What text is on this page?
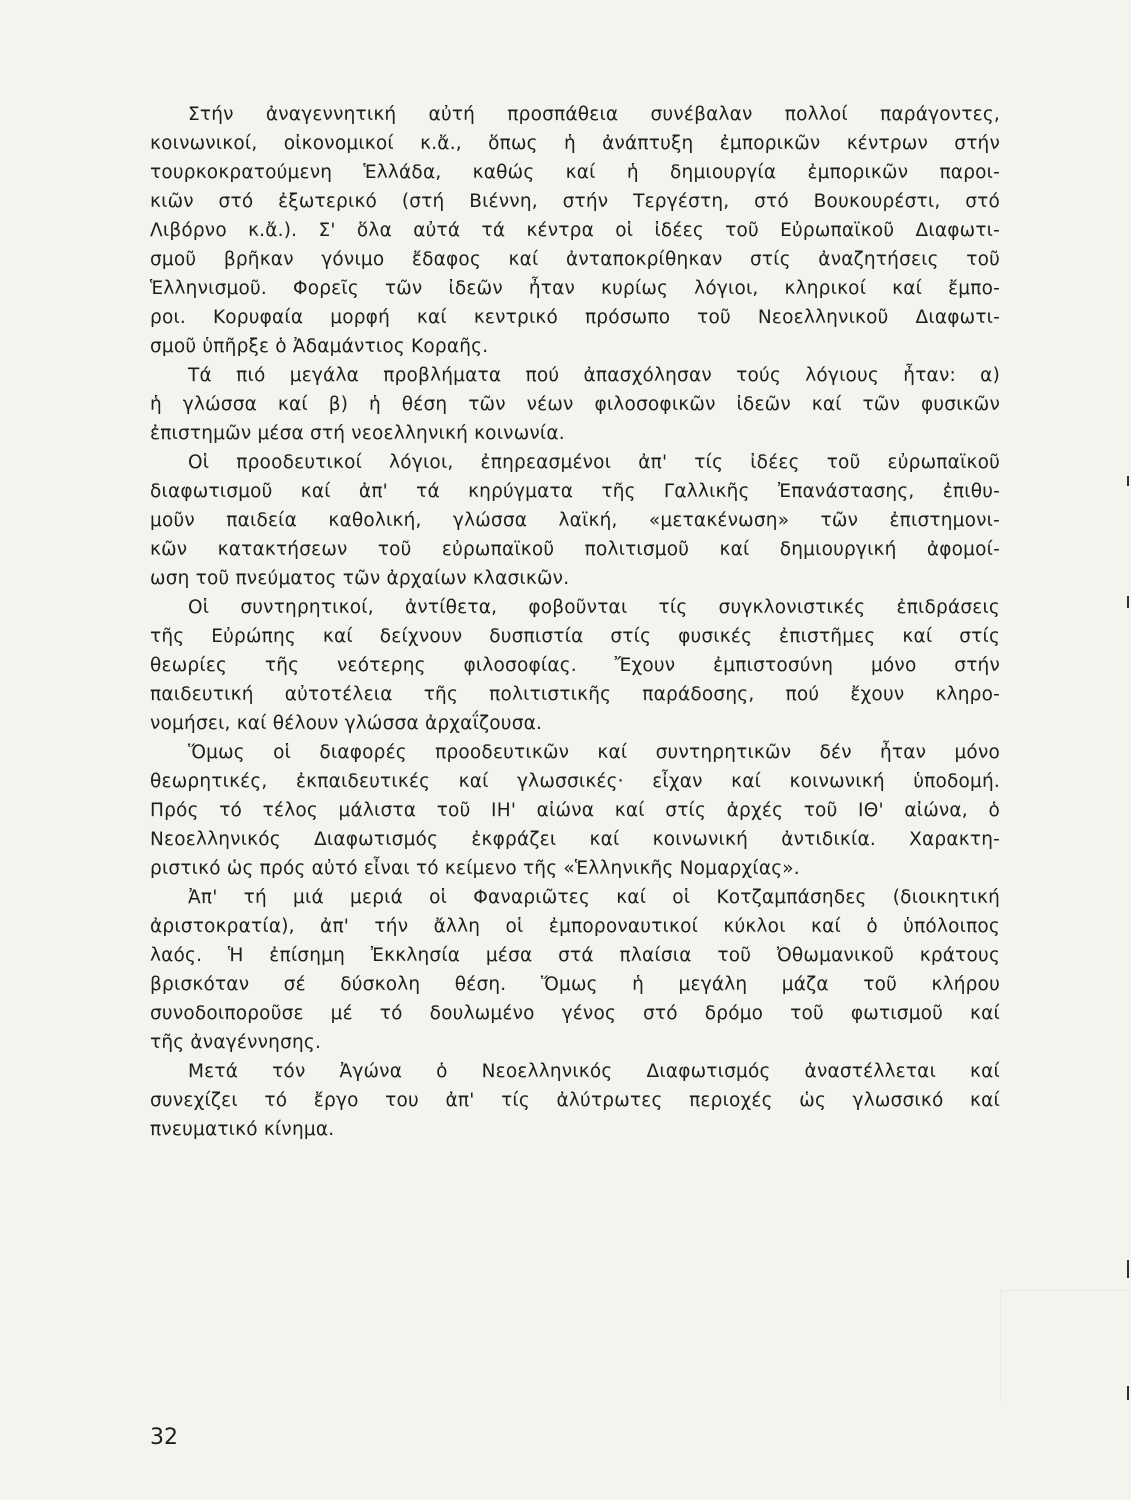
Στήν ἀναγεννητική αὐτή προσπάθεια συνέβαλαν πολλοί παράγοντες,
κοινωνικοί, οἰκονομικοί κ.ἄ., ὅπως ἡ ἀνάπτυξη ἐμπορικῶν κέντρων στήν
τουρκοκρατούμενη Ἑλλάδα, καθώς καί ἡ δημιουργία ἐμπορικῶν παροι-
κιῶν στό ἐξωτερικό (στή Βιέννη, στήν Τεργέστη, στό Βουκουρέστι, στό
Λιβόρνο κ.ἄ.). Σ' ὅλα αὐτά τά κέντρα οἱ ἰδέες τοῦ Εὐρωπαϊκοῦ Διαφωτι-
σμοῦ βρῆκαν γόνιμο ἔδαφος καί ἀνταποκρίθηκαν στίς ἀναζητήσεις τοῦ
Ἑλληνισμοῦ. Φορεῖς τῶν ἰδεῶν ἦταν κυρίως λόγιοι, κληρικοί καί ἔμπο-
ροι. Κορυφαία μορφή καί κεντρικό πρόσωπο τοῦ Νεοελληνικοῦ Διαφωτι-
σμοῦ ὑπῆρξε ὁ Ἀδαμάντιος Κοραῆς.
Τά πιό μεγάλα προβλήματα πού ἀπασχόλησαν τούς λόγιους ἦταν: α)
ἡ γλώσσα καί β) ἡ θέση τῶν νέων φιλοσοφικῶν ἰδεῶν καί τῶν φυσικῶν
ἐπιστημῶν μέσα στή νεοελληνική κοινωνία.
Οἱ προοδευτικοί λόγιοι, ἐπηρεασμένοι ἀπ' τίς ἰδέες τοῦ εὐρωπαϊκοῦ
διαφωτισμοῦ καί ἀπ' τά κηρύγματα τῆς Γαλλικῆς Ἐπανάστασης, ἐπιθυ-
μοῦν παιδεία καθολική, γλώσσα λαϊκή, «μετακένωση» τῶν ἐπιστημονι-
κῶν κατακτήσεων τοῦ εὐρωπαϊκοῦ πολιτισμοῦ καί δημιουργική ἀφομοί-
ωση τοῦ πνεύματος τῶν ἀρχαίων κλασικῶν.
Οἱ συντηρητικοί, ἀντίθετα, φοβοῦνται τίς συγκλονιστικές ἐπιδράσεις
τῆς Εὐρώπης καί δείχνουν δυσπιστία στίς φυσικές ἐπιστῆμες καί στίς
θεωρίες τῆς νεότερης φιλοσοφίας. Ἔχουν ἐμπιστοσύνη μόνο στήν
παιδευτική αὐτοτέλεια τῆς πολιτιστικῆς παράδοσης, πού ἔχουν κληρο-
νομήσει, καί θέλουν γλώσσα ἀρχαΐζουσα.
Ὅμως οἱ διαφορές προοδευτικῶν καί συντηρητικῶν δέν ἦταν μόνο
θεωρητικές, ἐκπαιδευτικές καί γλωσσικές· εἶχαν καί κοινωνική ὑποδομή.
Πρός τό τέλος μάλιστα τοῦ ΙΗ' αἰώνα καί στίς ἀρχές τοῦ ΙΘ' αἰώνα, ὁ
Νεοελληνικός Διαφωτισμός ἐκφράζει καί κοινωνική ἀντιδικία. Χαρακτη-
ριστικό ὡς πρός αὐτό εἶναι τό κείμενο τῆς «Ἑλληνικῆς Νομαρχίας».
Ἀπ' τή μιά μεριά οἱ Φαναριῶτες καί οἱ Κοτζαμπάσηδες (διοικητική
ἀριστοκρατία), ἀπ' τήν ἄλλη οἱ ἐμποροναυτικοί κύκλοι καί ὁ ὑπόλοιπος
λαός. Ἡ ἐπίσημη Ἐκκλησία μέσα στά πλαίσια τοῦ Ὀθωμανικοῦ κράτους
βρισκόταν σέ δύσκολη θέση. Ὅμως ἡ μεγάλη μάζα τοῦ κλήρου
συνοδοιποροῦσε μέ τό δουλωμένο γένος στό δρόμο τοῦ φωτισμοῦ καί
τῆς ἀναγέννησης.
Μετά τόν Ἀγώνα ὁ Νεοελληνικός Διαφωτισμός ἀναστέλλεται καί
συνεχίζει τό ἔργο του ἀπ' τίς ἀλύτρωτες περιοχές ὡς γλωσσικό καί
πνευματικό κίνημα.
32
